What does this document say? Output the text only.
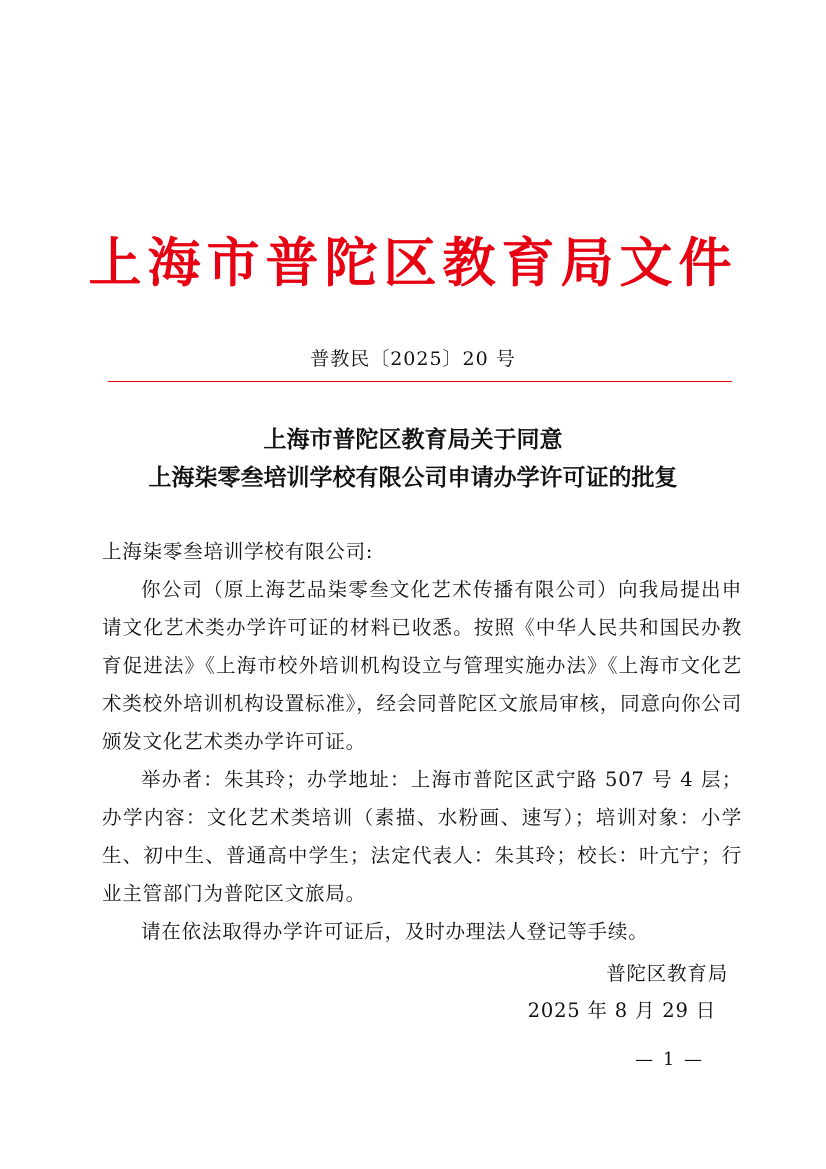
上海市普陀区教育局文件
普教民〔2025〕20 号
上海市普陀区教育局关于同意
上海柒零叁培训学校有限公司申请办学许可证的批复
上海柒零叁培训学校有限公司:

你公司（原上海艺品柒零叁文化艺术传播有限公司）向我局提出申请文化艺术类办学许可证的材料已收悉。按照《中华人民共和国民办教育促进法》《上海市校外培训机构设立与管理实施办法》《上海市文化艺术类校外培训机构设置标准》，经会同普陀区文旅局审核，同意向你公司颁发文化艺术类办学许可证。

举办者：朱其玲；办学地址：上海市普陀区武宁路 507 号 4 层；办学内容：文化艺术类培训（素描、水粉画、速写）；培训对象：小学生、初中生、普通高中学生；法定代表人：朱其玲；校长：叶亢宁；行业主管部门为普陀区文旅局。

请在依法取得办学许可证后，及时办理法人登记等手续。

普陀区教育局
2025 年 8 月 29 日
— 1 —
